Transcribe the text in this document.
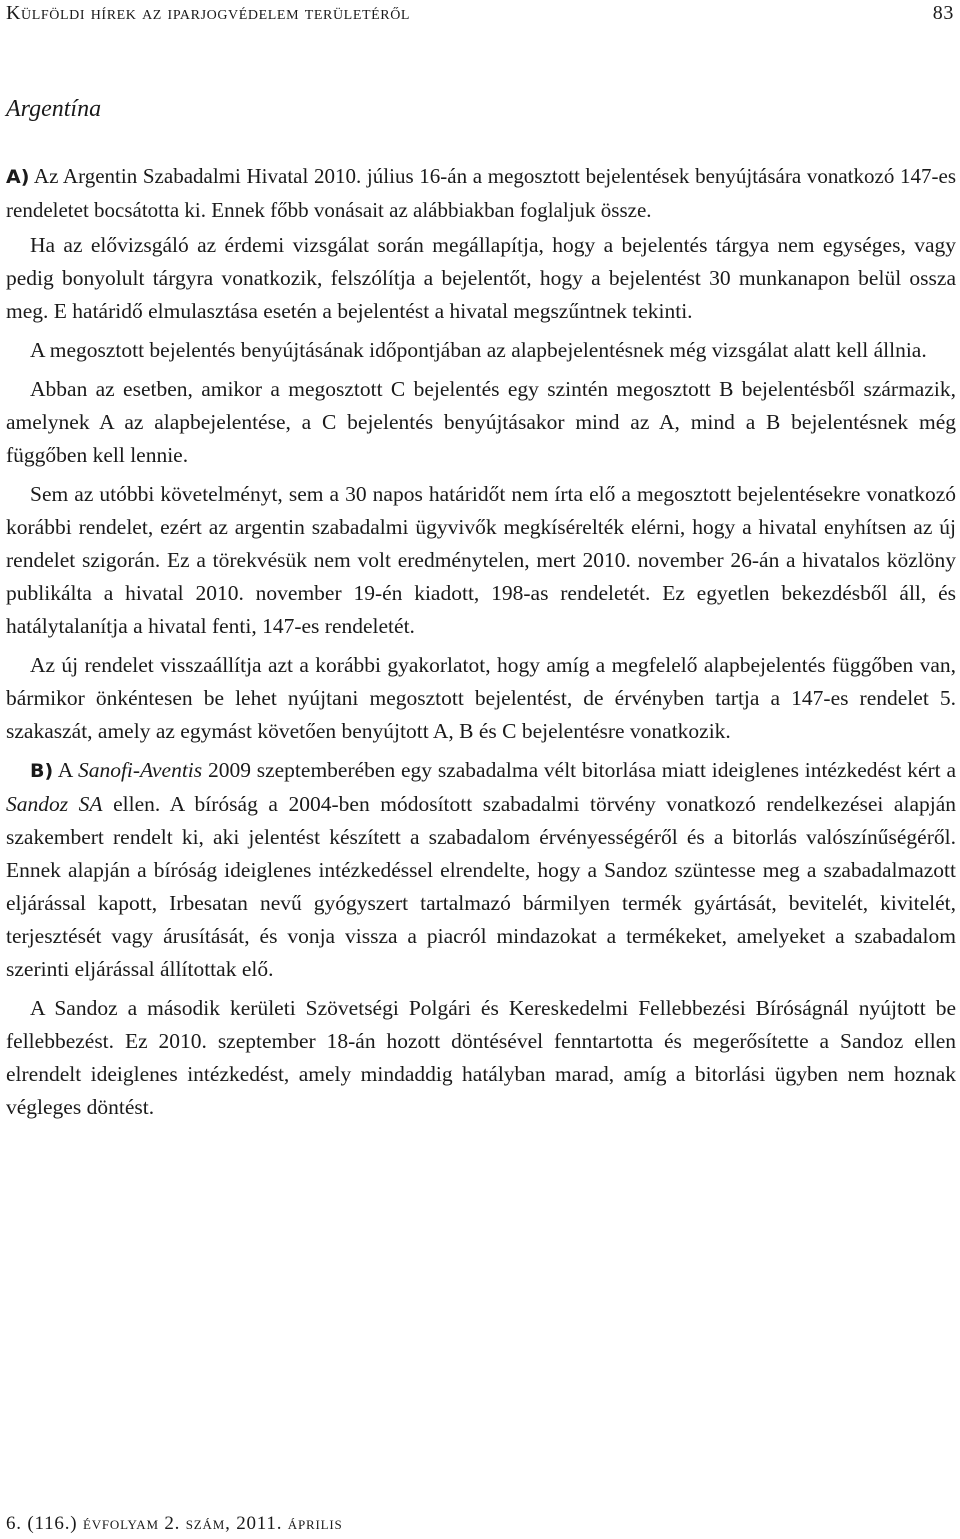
Külföldi hírek az iparjogvédelem területéről	83
Argentína

A) Az Argentin Szabadalmi Hivatal 2010. július 16-án a megosztott bejelentések benyújtására vonatkozó 147-es rendeletet bocsátotta ki. Ennek főbb vonásait az alábbiakban foglaljuk össze.

Ha az elővizsgáló az érdemi vizsgálat során megállapítja, hogy a bejelentés tárgya nem egységes, vagy pedig bonyolult tárgyra vonatkozik, felszólítja a bejelentőt, hogy a bejelentést 30 munkanapon belül ossza meg. E határidő elmulasztása esetén a bejelentést a hivatal megszűntnek tekinti.

A megosztott bejelentés benyújtásának időpontjában az alapbejelentésnek még vizsgálat alatt kell állnia.

Abban az esetben, amikor a megosztott C bejelentés egy szintén megosztott B bejelentésből származik, amelynek A az alapbejelentése, a C bejelentés benyújtásakor mind az A, mind a B bejelentésnek még függőben kell lennie.

Sem az utóbbi követelményt, sem a 30 napos határidőt nem írta elő a megosztott bejelentésekre vonatkozó korábbi rendelet, ezért az argentin szabadalmi ügyvivők megkísérelték elérni, hogy a hivatal enyhítsen az új rendelet szigorán. Ez a törekvésük nem volt eredménytelen, mert 2010. november 26-án a hivatalos közlöny publikálta a hivatal 2010. november 19-én kiadott, 198-as rendeletét. Ez egyetlen bekezdésből áll, és hatálytalanítja a hivatal fenti, 147-es rendeletét.

Az új rendelet visszaállítja azt a korábbi gyakorlatot, hogy amíg a megfelelő alapbejelentés függőben van, bármikor önkéntesen be lehet nyújtani megosztott bejelentést, de érvényben tartja a 147-es rendelet 5. szakaszát, amely az egymást követően benyújtott A, B és C bejelentésre vonatkozik.

B) A Sanofi-Aventis 2009 szeptemberében egy szabadalma vélt bitorlása miatt ideiglenes intézkedést kért a Sandoz SA ellen. A bíróság a 2004-ben módosított szabadalmi törvény vonatkozó rendelkezései alapján szakembert rendelt ki, aki jelentést készített a szabadalom érvényességéről és a bitorlás valószínűségéről. Ennek alapján a bíróság ideiglenes intézkedéssel elrendelte, hogy a Sandoz szüntesse meg a szabadalmazott eljárással kapott, Irbesatan nevű gyógyszert tartalmazó bármilyen termék gyártását, bevitelét, kivitelét, terjesztését vagy árusítását, és vonja vissza a piacról mindazokat a termékeket, amelyeket a szabadalom szerinti eljárással állítottak elő.

A Sandoz a második kerületi Szövetségi Polgári és Kereskedelmi Fellebbezési Bíróságnál nyújtott be fellebbezést. Ez 2010. szeptember 18-án hozott döntésével fenntartotta és megerősítette a Sandoz ellen elrendelt ideiglenes intézkedést, amely mindaddig hatályban marad, amíg a bitorlási ügyben nem hoznak végleges döntést.

6. (116.) évfolyam 2. szám, 2011. április
